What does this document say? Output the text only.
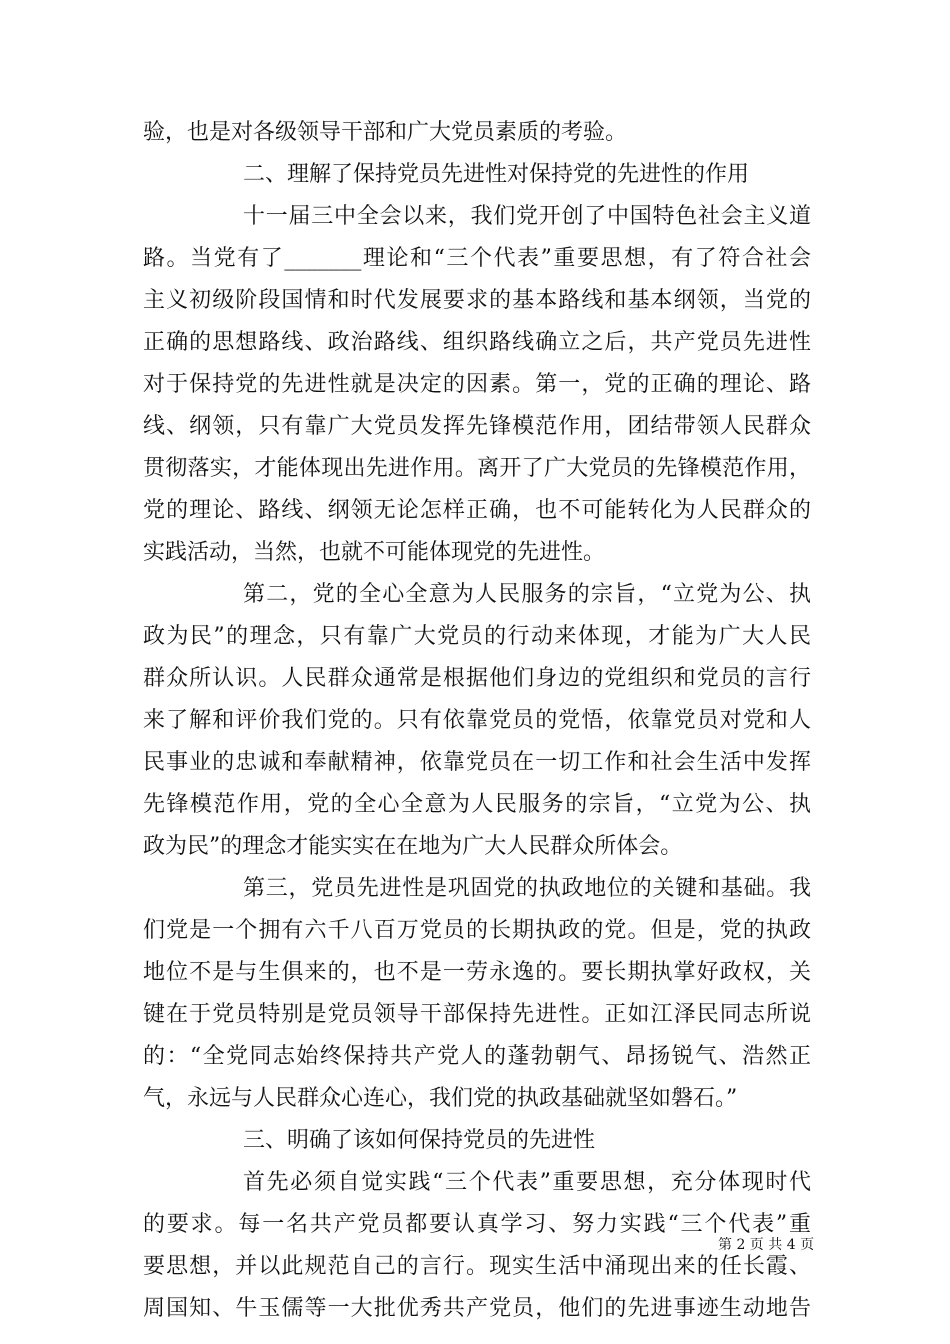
验，也是对各级领导干部和广大党员素质的考验。
二、理解了保持党员先进性对保持党的先进性的作用
十一届三中全会以来，我们党开创了中国特色社会主义道
路。当党有了_______理论和“三个代表”重要思想，有了符合社会
主义初级阶段国情和时代发展要求的基本路线和基本纲领，当党的
正确的思想路线、政治路线、组织路线确立之后，共产党员先进性
对于保持党的先进性就是决定的因素。第一，党的正确的理论、路
线、纲领，只有靠广大党员发挥先锋模范作用，团结带领人民群众
贯彻落实，才能体现出先进作用。离开了广大党员的先锋模范作用，
党的理论、路线、纲领无论怎样正确，也不可能转化为人民群众的
实践活动，当然，也就不可能体现党的先进性。
第二，党的全心全意为人民服务的宗旨，“立党为公、执
政为民”的理念，只有靠广大党员的行动来体现，才能为广大人民
群众所认识。人民群众通常是根据他们身边的党组织和党员的言行
来了解和评价我们党的。只有依靠党员的党悟，依靠党员对党和人
民事业的忠诚和奉献精神，依靠党员在一切工作和社会生活中发挥
先锋模范作用，党的全心全意为人民服务的宗旨，“立党为公、执
政为民”的理念才能实实在在地为广大人民群众所体会。
第三，党员先进性是巩固党的执政地位的关键和基础。我
们党是一个拥有六千八百万党员的长期执政的党。但是，党的执政
地位不是与生俱来的，也不是一劳永逸的。要长期执掌好政权，关
键在于党员特别是党员领导干部保持先进性。正如江泽民同志所说
的：“全党同志始终保持共产党人的蓬勃朝气、昂扬锐气、浩然正
气，永远与人民群众心连心，我们党的执政基础就坚如磐石。”
三、明确了该如何保持党员的先进性
首先必须自觉实践“三个代表”重要思想，充分体现时代
的要求。每一名共产党员都要认真学习、努力实践“三个代表”重
要思想，并以此规范自己的言行。现实生活中涌现出来的任长霞、
周国知、牛玉儒等一大批优秀共产党员，他们的先进事迹生动地告
第 2 页 共 4 页
